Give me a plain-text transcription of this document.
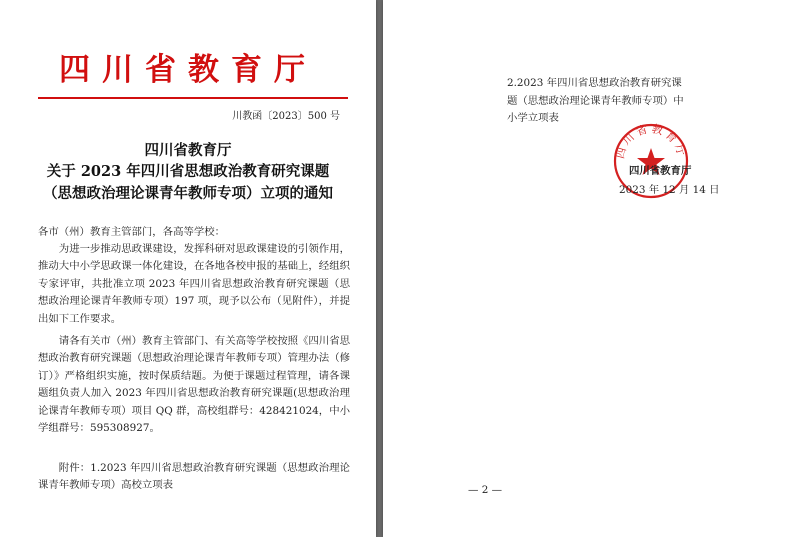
四川省教育厅
川教函〔2023〕500 号
四川省教育厅
关于 2023 年四川省思想政治教育研究课题
（思想政治理论课青年教师专项）立项的通知

各市（州）教育主管部门，各高等学校：

为进一步推动思政课建设，发挥科研对思政课建设的引领作用，推动大中小学思政课一体化建设，在各地各校申报的基础上，经组织专家评审，共批准立项 2023 年四川省思想政治教育研究课题（思想政治理论课青年教师专项）197 项，现予以公布（见附件），并提出如下工作要求。

请各有关市（州）教育主管部门、有关高等学校按照《四川省思想政治教育研究课题（思想政治理论课青年教师专项）管理办法（修订）》严格组织实施，按时保质结题。为便于课题过程管理，请各课题组负责人加入 2023 年四川省思想政治教育研究课题(思想政治理论课青年教师专项）项目 QQ 群，高校组群号：428421024，中小学组群号：595308927。

附件：1.2023 年四川省思想政治教育研究课题（思想政治理论课青年教师专项）高校立项表

2.2023 年四川省思想政治教育研究课题（思想政治理论课青年教师专项）中小学立项表
四川省教育厅
四川省教育厅
2023 年 12 月 14 日
— 2 —
